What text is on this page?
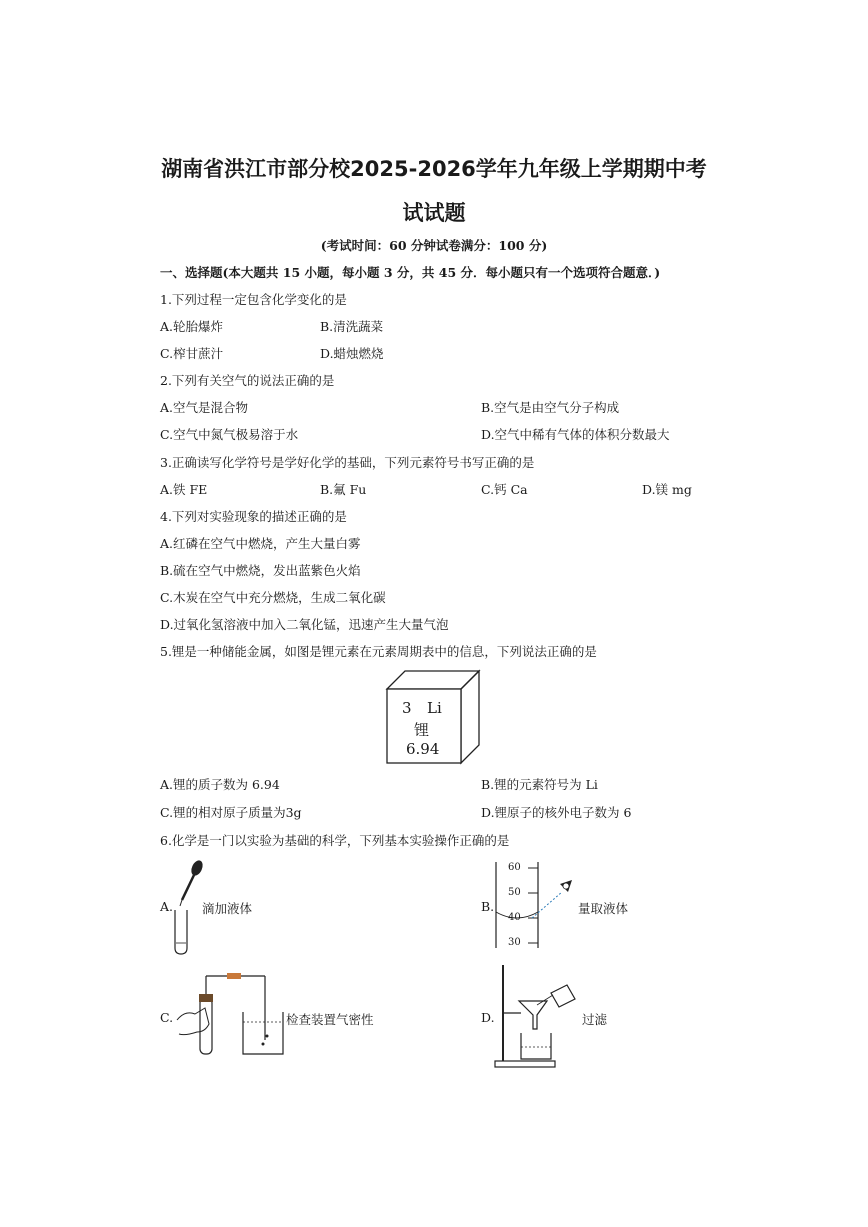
湖南省洪江市部分校2025-2026学年九年级上学期期中考
试试题
(考试时间：60 分钟试卷满分：100 分)
一、选择题(本大题共 15 小题，每小题 3 分，共 45 分．每小题只有一个选项符合题意．)
1.下列过程一定包含化学变化的是
A.轮胎爆炸	B.清洗蔬菜
C.榨甘蔗汁	D.蜡烛燃烧
2.下列有关空气的说法正确的是
A.空气是混合物	B.空气是由空气分子构成
C.空气中氮气极易溶于水	D.空气中稀有气体的体积分数最大
3.正确读写化学符号是学好化学的基础，下列元素符号书写正确的是
A.铁 FE	B.氟 Fu	C.钙 Ca	D.镁 mg
4.下列对实验现象的描述正确的是
A.红磷在空气中燃烧，产生大量白雾
B.硫在空气中燃烧，发出蓝紫色火焰
C.木炭在空气中充分燃烧，生成二氧化碳
D.过氧化氢溶液中加入二氧化锰，迅速产生大量气泡
5.锂是一种储能金属，如图是锂元素在元素周期表中的信息，下列说法正确的是
3 Li
锂
6.94
A.锂的质子数为 6.94	B.锂的元素符号为 Li
C.锂的相对原子质量为3g	D.锂原子的核外电子数为 6
6.化学是一门以实验为基础的科学，下列基本实验操作正确的是
A. 滴加液体	B.
60
50
40
30
量取液体
C.	检查装置气密性	D.	过滤
